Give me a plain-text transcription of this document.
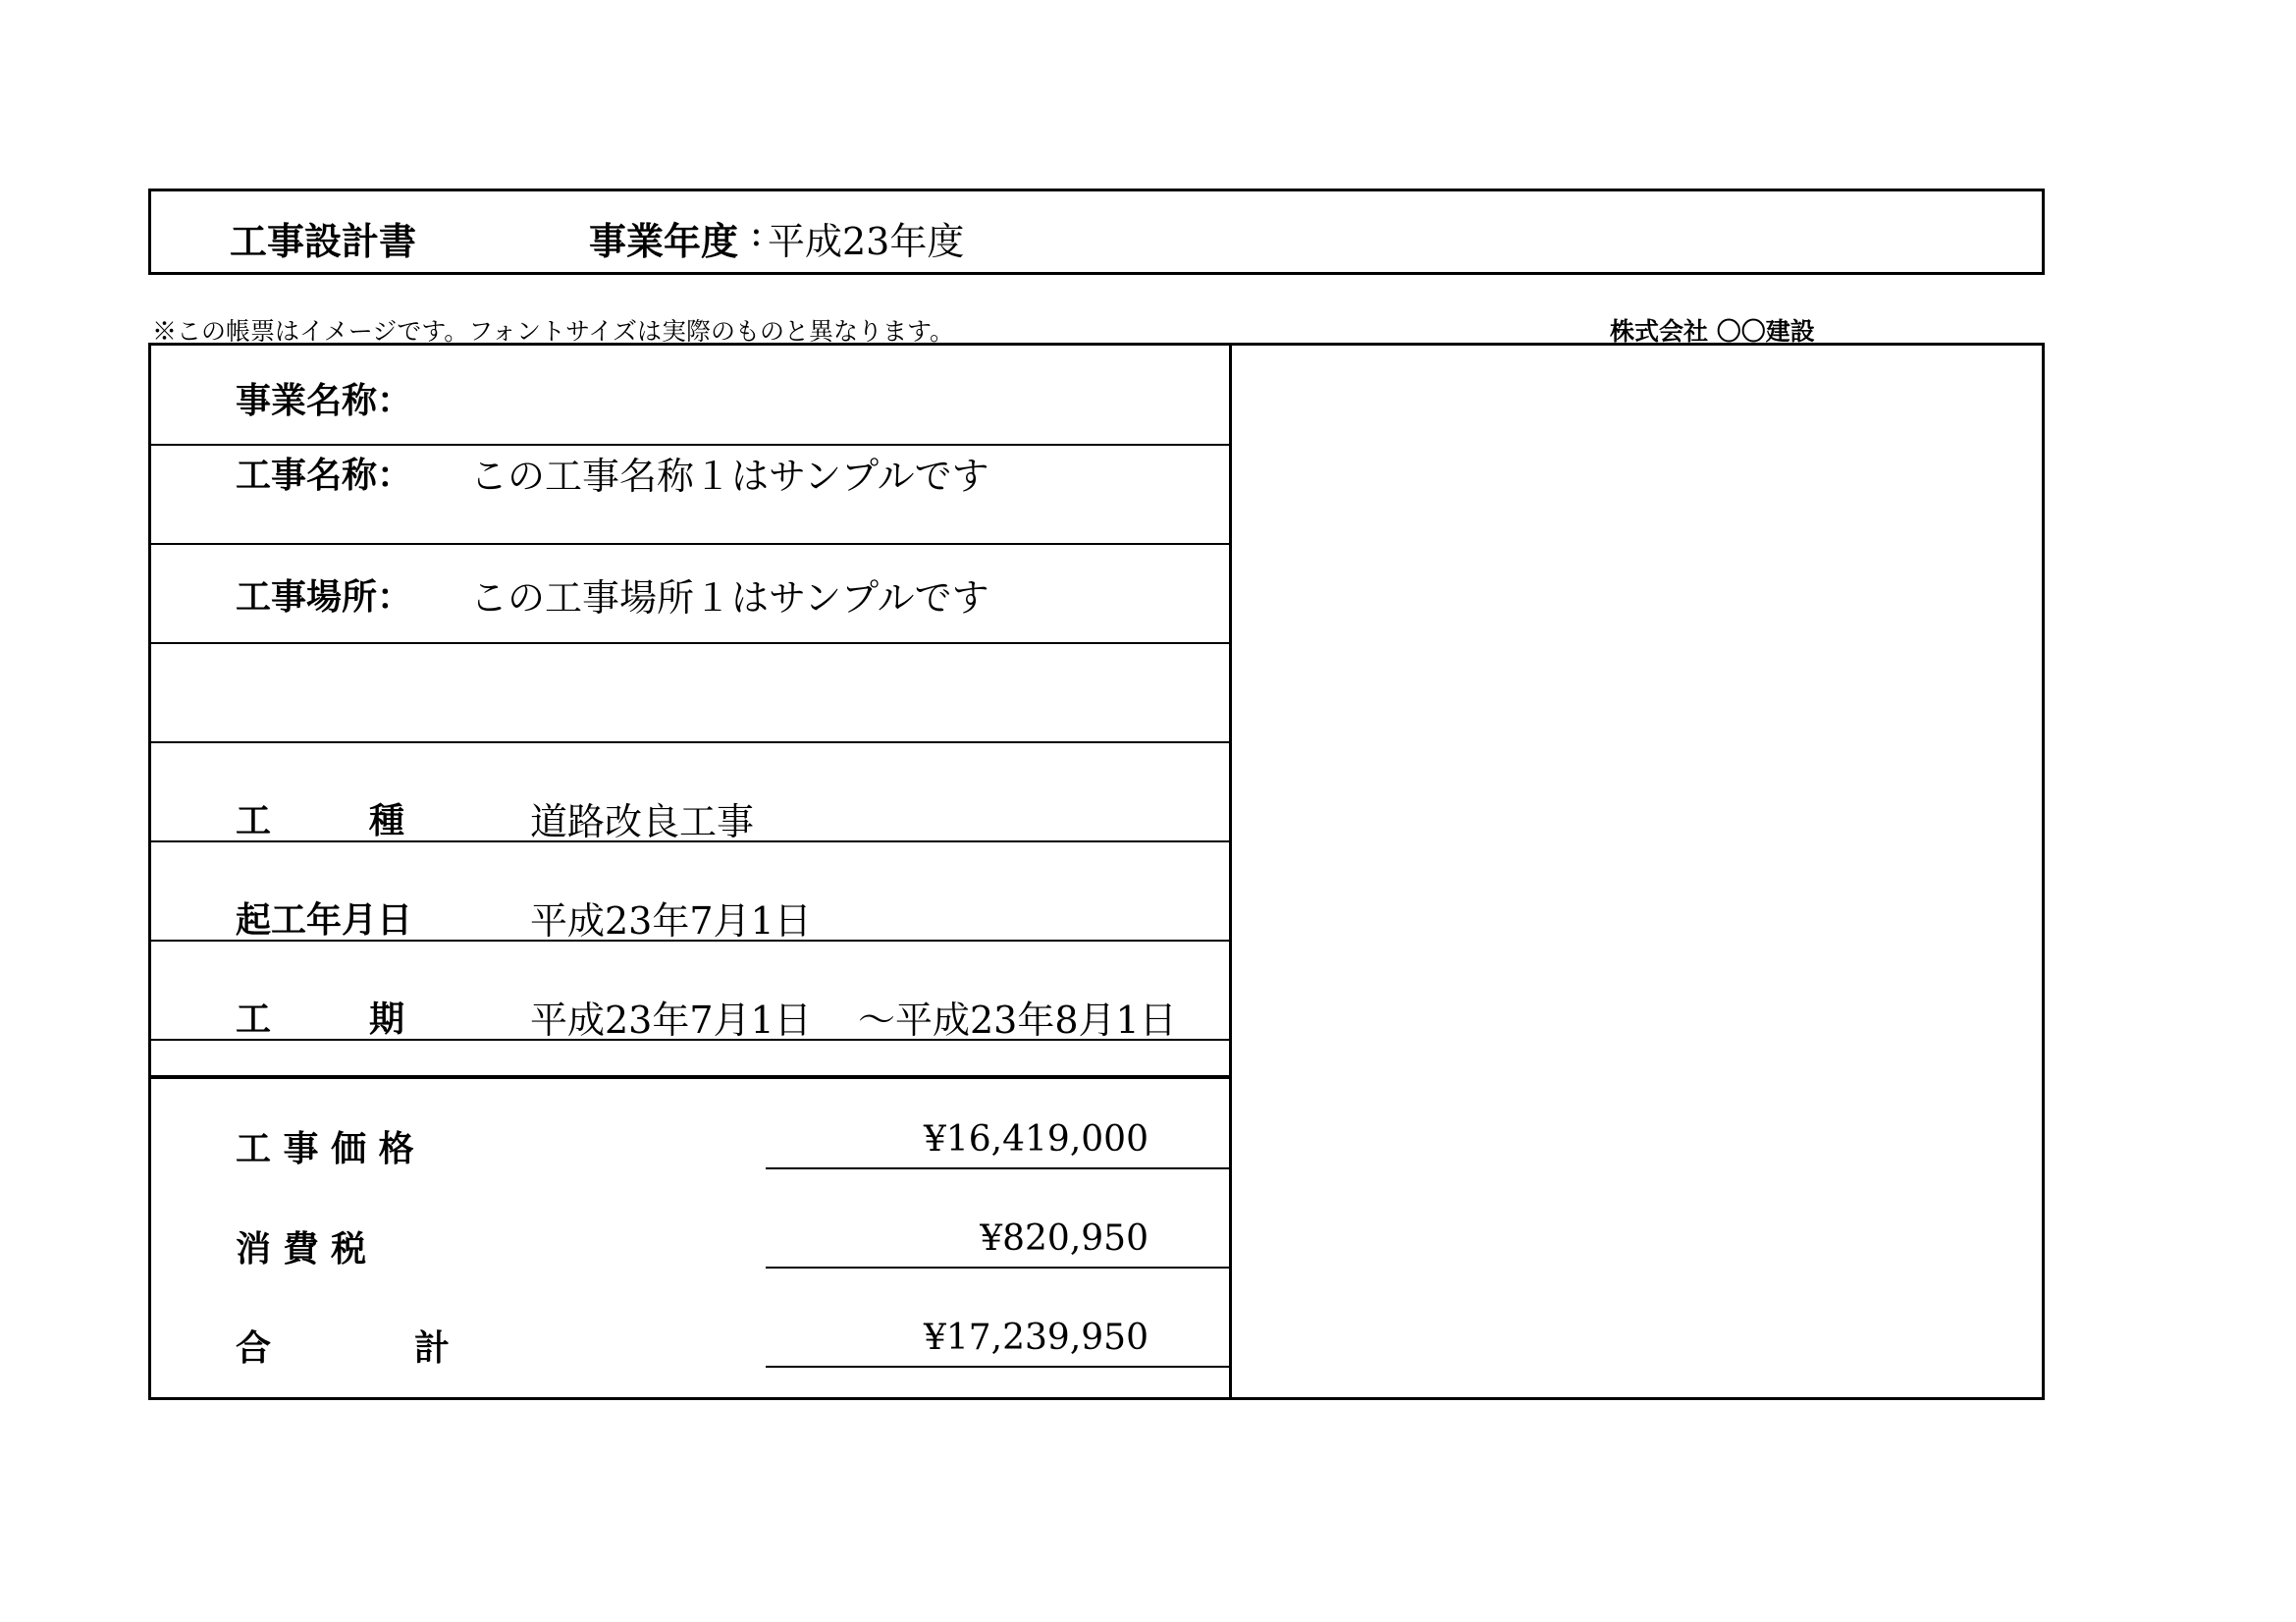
工事設計書	事業年度 : 平成23年度
※この帳票はイメージです。フォントサイズは実際のものと異なります。	株式会社 〇〇建設
事業名称：
工事名称： この工事名称１はサンプルです
工事場所： この工事場所１はサンプルです
工	種	道路改良工事
起工年月日	平成23年7月1日
工	期	平成23年7月1日 ～平成23年8月1日
工 事 価 格	¥16,419,000
消 費 税	¥820,950
合	計	¥17,239,950
